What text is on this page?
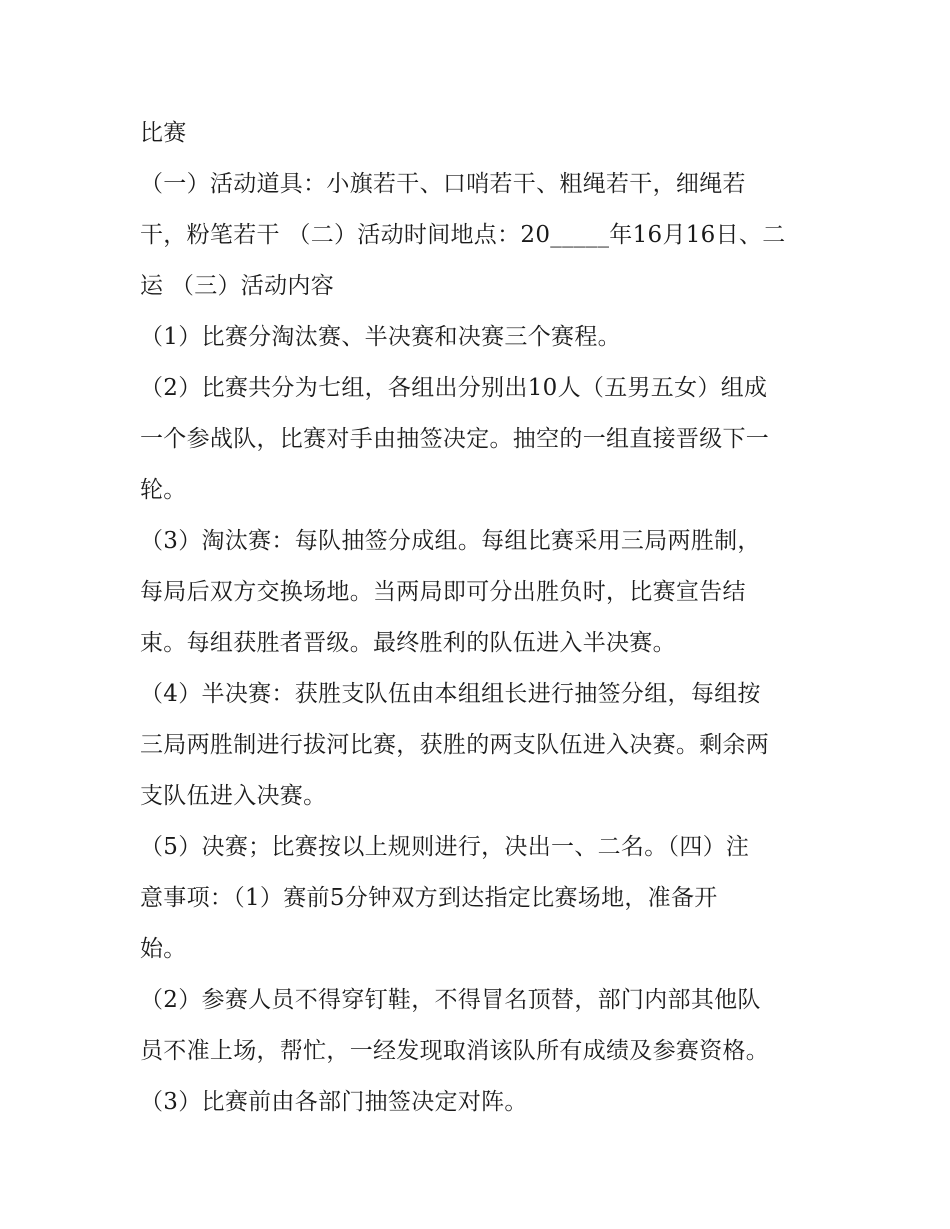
比赛

（一）活动道具：小旗若干、口哨若干、粗绳若干，细绳若

干，粉笔若干 （二）活动时间地点：20_____年16月16日、二

运 （三）活动内容

（1）比赛分淘汰赛、半决赛和决赛三个赛程。

（2）比赛共分为七组，各组出分别出10人（五男五女）组成

一个参战队，比赛对手由抽签决定。抽空的一组直接晋级下一

轮。

（3）淘汰赛：每队抽签分成组。每组比赛采用三局两胜制，

每局后双方交换场地。当两局即可分出胜负时，比赛宣告结

束。每组获胜者晋级。最终胜利的队伍进入半决赛。

（4）半决赛：获胜支队伍由本组组长进行抽签分组，每组按

三局两胜制进行拔河比赛，获胜的两支队伍进入决赛。剩余两

支队伍进入决赛。

（5）决赛；比赛按以上规则进行，决出一、二名。（四）注

意事项：（1）赛前5分钟双方到达指定比赛场地，准备开

始。

（2）参赛人员不得穿钉鞋，不得冒名顶替，部门内部其他队

员不准上场，帮忙，一经发现取消该队所有成绩及参赛资格。

（3）比赛前由各部门抽签决定对阵。
